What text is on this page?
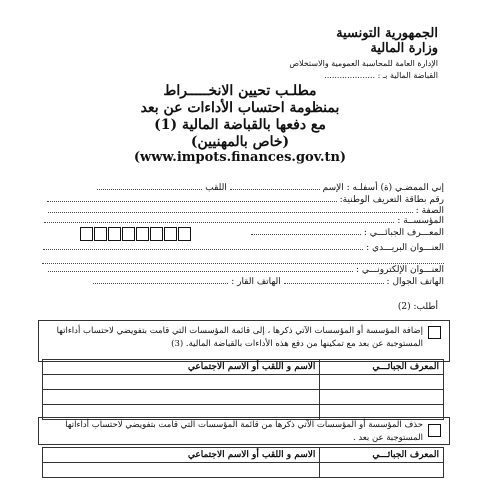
الجمهورية التونسية
وزارة المالية
الإدارة العامة للمحاسبة العمومية والاستخلاص
القباضة المالية بـ : ....................
مطلـب تحيين الانخـــــراط
بمنظومة احتساب الأداءات عن بعد
مع دفعها بالقباضة المالية (1)
(خاص بالمهنيين)
(www.impots.finances.gov.tn)
إني الممضـي (ة) أسفلـه : الإسم  اللقب
رقم بطاقة التعريف الوطنية:
الصفة :
المؤسســة :
المعـــرف الجبائـــي :
العنـــوان البريـــدي :
العنـــوان الإلكترونـــي :
الهاتف الجوال :  الهاتف القار :
أطلب: (2)
إضافة المؤسسة أو المؤسسات الآتي ذكرها ، إلى قائمة المؤسسات التي قامت بتفويضي لاحتساب أداءاتها المستوجبة عن بعد مع تمكينها من دفع هذه الأداءات بالقباضة المالية. (3)
الاسم و اللقب أو الاسم الاجتماعي	المعرف الجبائـــي

حذف المؤسسة أو المؤسسات الآتي ذكرها من قائمة المؤسسات التي قامت بتفويضي لاحتساب أداءاتها المستوجبة عن بعد .
الاسم و اللقب أو الاسم الاجتماعي	المعرف الجبائـــي
